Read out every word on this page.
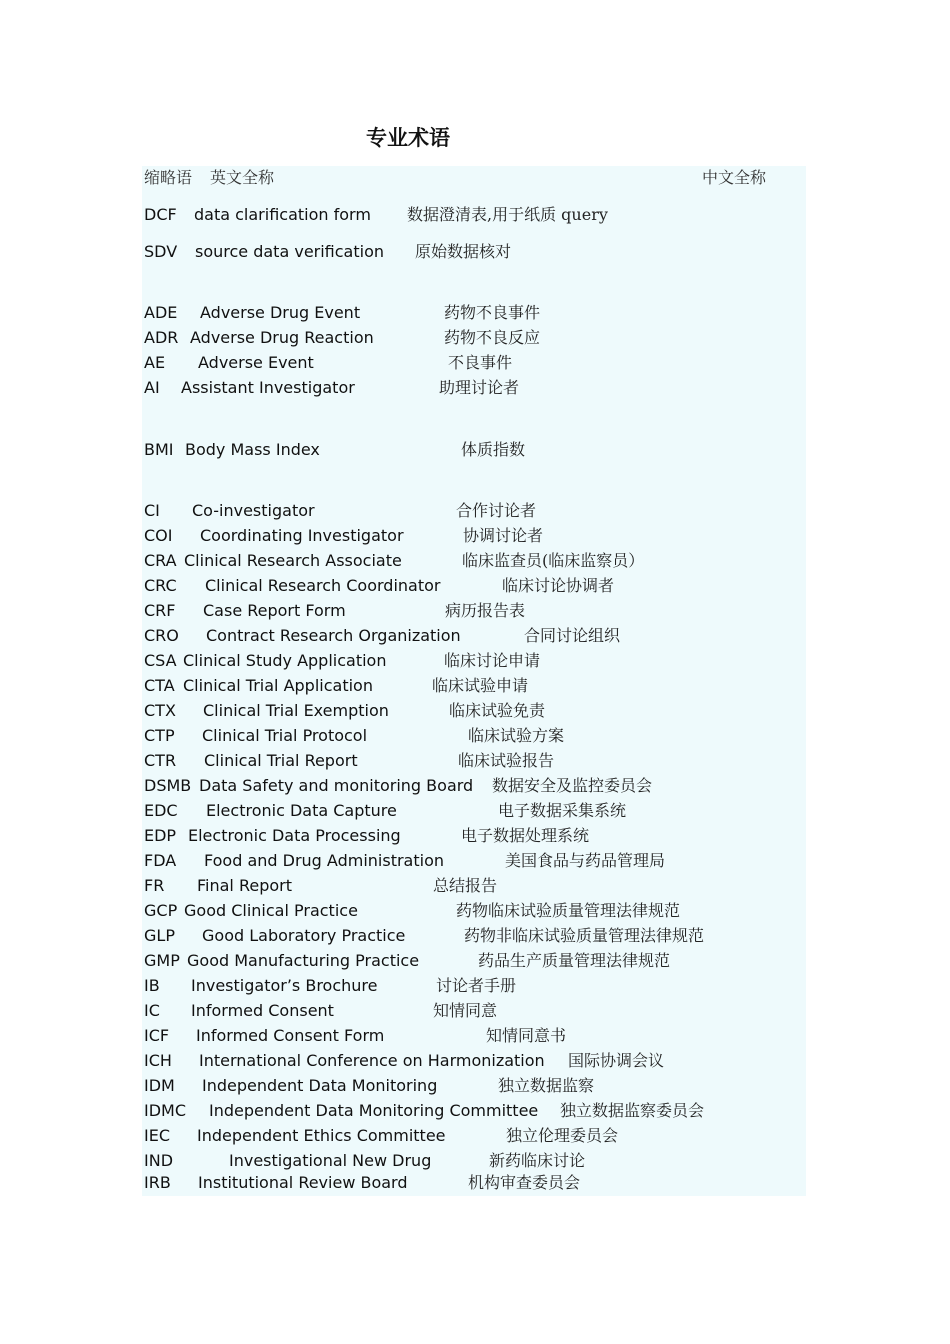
专业术语
缩略语 英文全称	中文全称
DCF data clarification form 数据澄清表,用于纸质 query
SDV source data verification 原始数据核对
ADE Adverse Drug Event	药物不良事件
ADR Adverse Drug Reaction	药物不良反应
AE Adverse Event	不良事件
AI Assistant Investigator	助理讨论者
BMI Body Mass Index	体质指数
CI Co-investigator	合作讨论者
COI Coordinating Investigator	协调讨论者
CRA Clinical Research Associate	临床监查员(临床监察员）
CRC Clinical Research Coordinator	临床讨论协调者
CRF Case Report Form	病历报告表
CRO Contract Research Organization	合同讨论组织
CSA Clinical Study Application	临床讨论申请
CTA Clinical Trial Application	临床试验申请
CTX Clinical Trial Exemption	临床试验免责
CTP Clinical Trial Protocol	临床试验方案
CTR Clinical Trial Report	临床试验报告
DSMB Data Safety and monitoring Board 数据安全及监控委员会
EDC Electronic Data Capture	电子数据采集系统
EDP Electronic Data Processing	电子数据处理系统
FDA Food and Drug Administration	美国食品与药品管理局
FR Final Report	总结报告
GCP Good Clinical Practice	药物临床试验质量管理法律规范
GLP Good Laboratory Practice	药物非临床试验质量管理法律规范
GMP Good Manufacturing Practice	药品生产质量管理法律规范
IB Investigator’s Brochure	讨论者手册
IC Informed Consent	知情同意
ICF Informed Consent Form	知情同意书
ICH International Conference on Harmonization 国际协调会议
IDM Independent Data Monitoring	独立数据监察
IDMC Independent Data Monitoring Committee 独立数据监察委员会
IEC Independent Ethics Committee	独立伦理委员会
IND	Investigational New Drug	新药临床讨论
IRB Institutional Review Board	机构审查委员会
